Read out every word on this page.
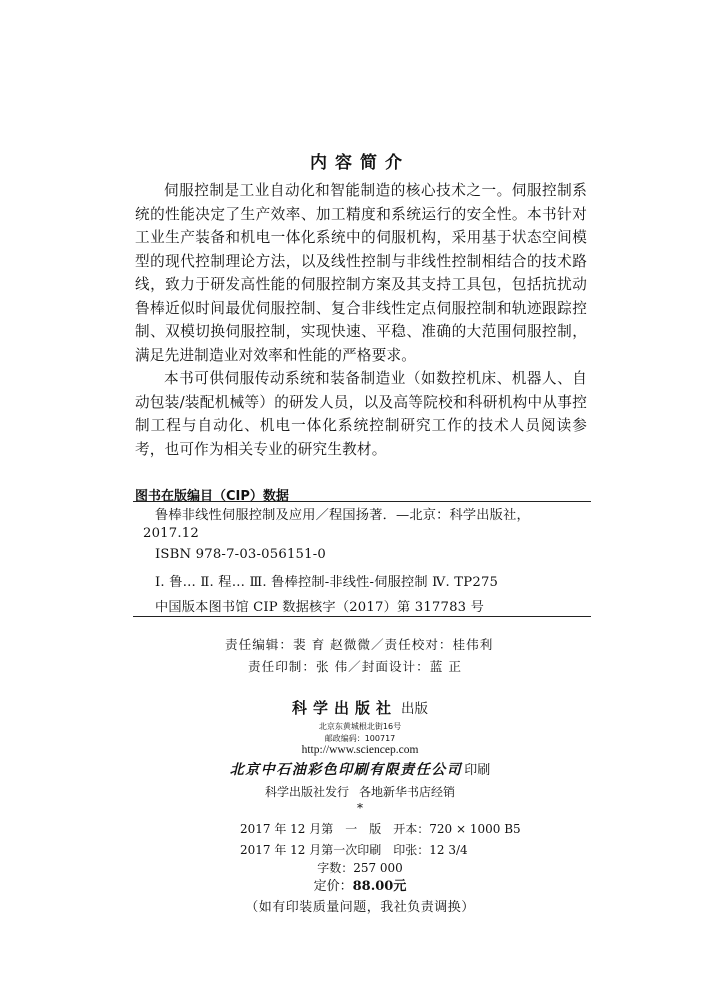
内容简介

伺服控制是工业自动化和智能制造的核心技术之一。伺服控制系统的性能决定了生产效率、加工精度和系统运行的安全性。本书针对工业生产装备和机电一体化系统中的伺服机构，采用基于状态空间模型的现代控制理论方法，以及线性控制与非线性控制相结合的技术路线，致力于研发高性能的伺服控制方案及其支持工具包，包括抗扰动鲁棒近似时间最优伺服控制、复合非线性定点伺服控制和轨迹跟踪控制、双模切换伺服控制，实现快速、平稳、准确的大范围伺服控制，满足先进制造业对效率和性能的严格要求。

本书可供伺服传动系统和装备制造业（如数控机床、机器人、自动包装/装配机械等）的研发人员，以及高等院校和科研机构中从事控制工程与自动化、机电一体化系统控制研究工作的技术人员阅读参考，也可作为相关专业的研究生教材。

图书在版编目（CIP）数据
鲁棒非线性伺服控制及应用／程国扬著．—北京：科学出版社，
2017.12
ISBN 978-7-03-056151-0
Ⅰ. 鲁… Ⅱ. 程… Ⅲ. 鲁棒控制-非线性-伺服控制 Ⅳ. TP275
中国版本图书馆 CIP 数据核字（2017）第 317783 号
责任编辑：裴 育 赵微微／责任校对：桂伟利
责任印制：张 伟／封面设计：蓝 正
科学出版社 出版
北京东黄城根北街16号
邮政编码：100717
http://www.sciencep.com
北京中石油彩色印刷有限责任公司 印刷
科学出版社发行 各地新华书店经销
*
2017 年 12 月第　一　版　开本：720 × 1000 B5
2017 年 12 月第一次印刷　印张：12 3/4
字数：257 000
定价：88.00元
（如有印装质量问题，我社负责调换）
